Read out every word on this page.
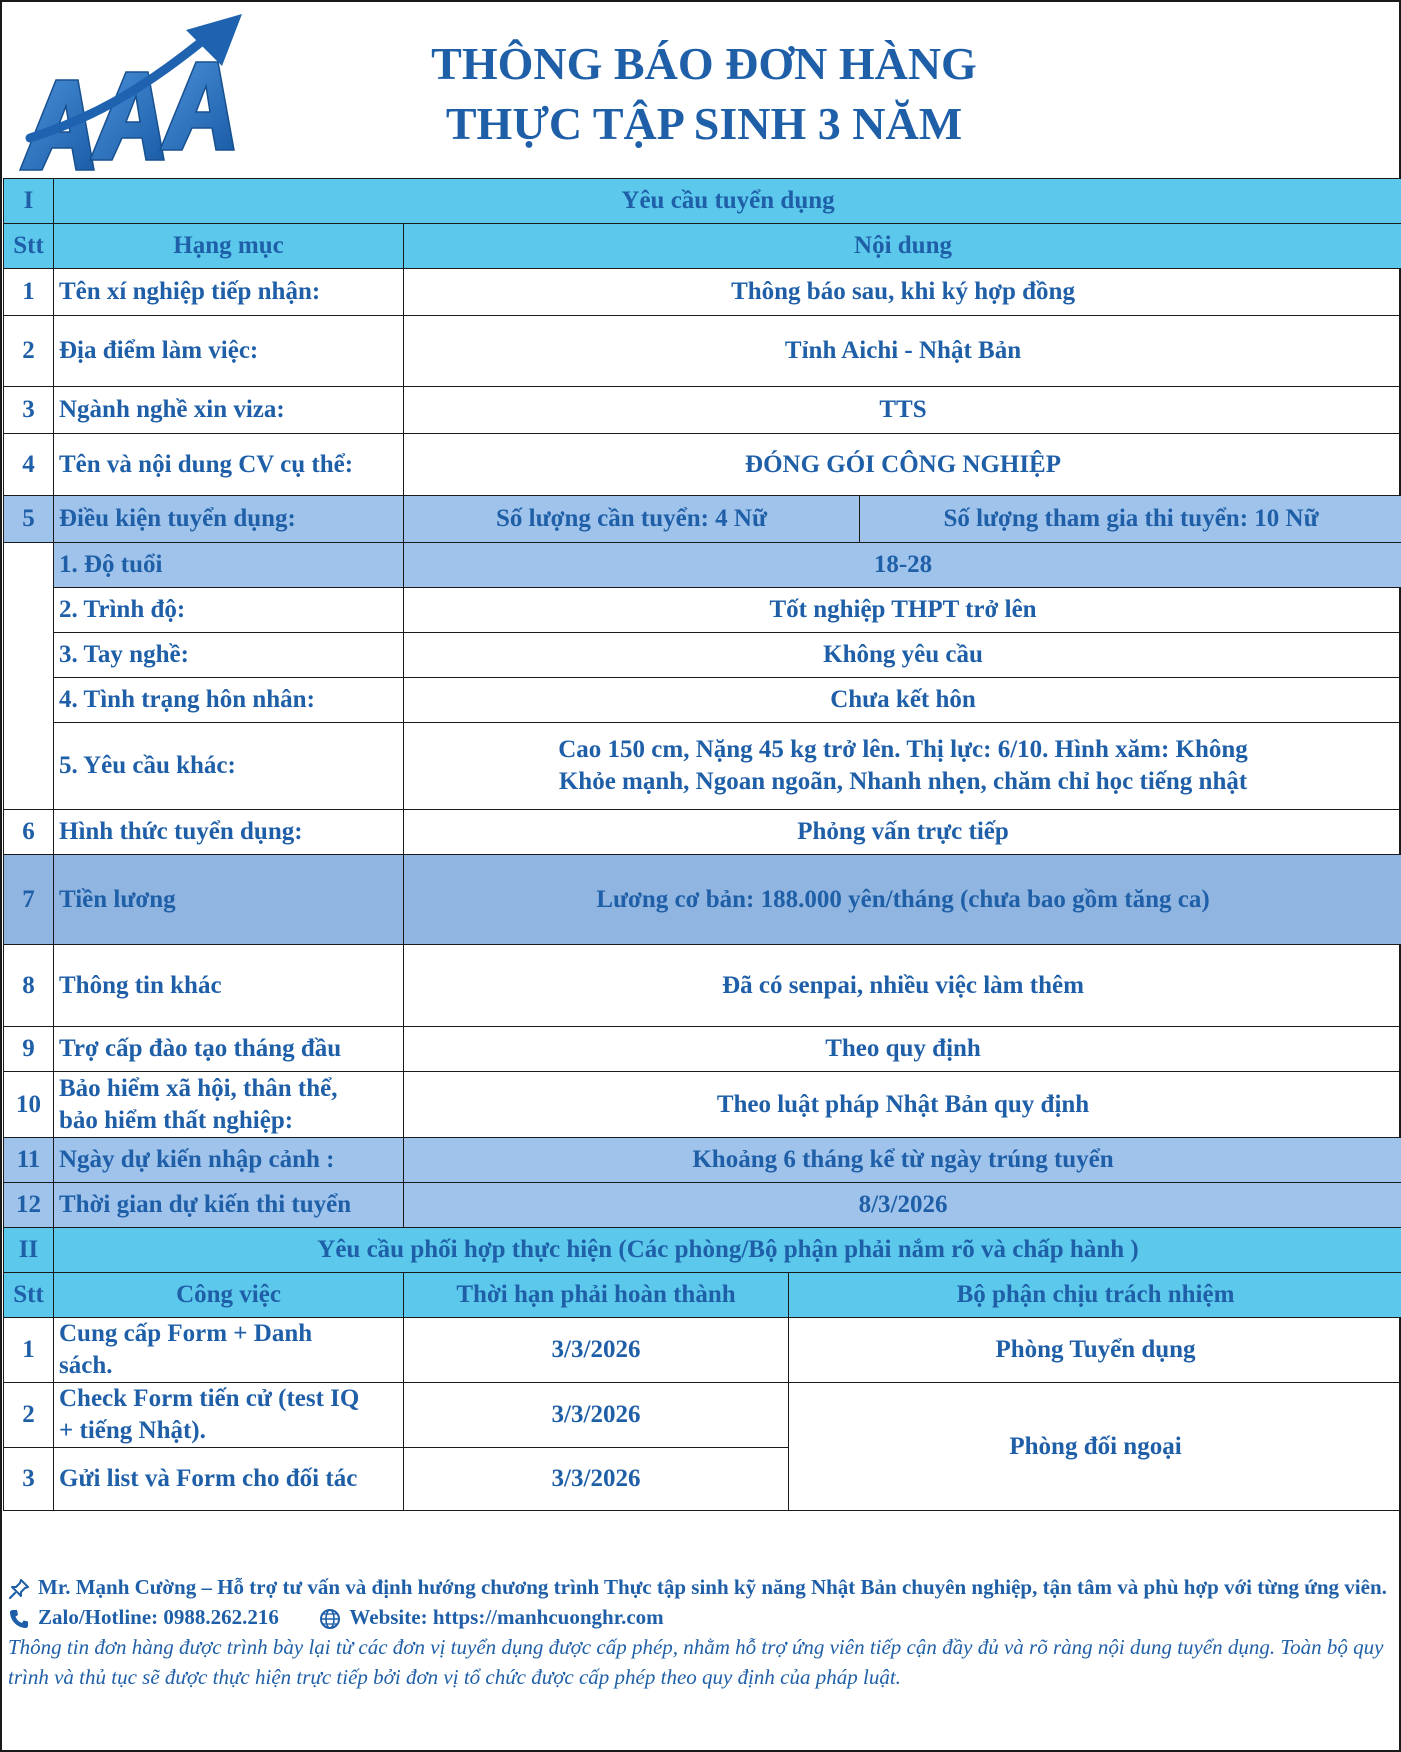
THÔNG BÁO ĐƠN HÀNG
THỰC TẬP SINH 3 NĂM
I	Yêu cầu tuyển dụng		
Stt	Hạng mục	Nội dung	
1	Tên xí nghiệp tiếp nhận:	Thông báo sau, khi ký hợp đồng	
2	Địa điểm làm việc:	Tỉnh Aichi - Nhật Bản	
3	Ngành nghề xin viza:	TTS	
4	Tên và nội dung CV cụ thể:	ĐÓNG GÓI CÔNG NGHIỆP	
5	Điều kiện tuyển dụng:	Số lượng cần tuyển: 4 Nữ	Số lượng tham gia thi tuyển: 10 Nữ
	1. Độ tuổi	18-28	
	2. Trình độ:	Tốt nghiệp THPT trở lên	
	3. Tay nghề:	Không yêu cầu	
	4. Tình trạng hôn nhân:	Chưa kết hôn	
	5. Yêu cầu khác:	Cao 150 cm, Nặng 45 kg trở lên. Thị lực: 6/10. Hình xăm: Không
Khỏe mạnh, Ngoan ngoãn, Nhanh nhẹn, chăm chỉ học tiếng nhật	

6	Hình thức tuyển dụng:	Phỏng vấn trực tiếp	
7	Tiền lương	Lương cơ bản: 188.000 yên/tháng (chưa bao gồm tăng ca)	
8	Thông tin khác	Đã có senpai, nhiều việc làm thêm	
9	Trợ cấp đào tạo tháng đầu	Theo quy định	
10	Bảo hiểm xã hội, thân thể,
bảo hiểm thất nghiệp:	Theo luật pháp Nhật Bản quy định	
11	Ngày dự kiến nhập cảnh :	Khoảng 6 tháng kể từ ngày trúng tuyển	
12	Thời gian dự kiến thi tuyển	8/3/2026	
II	Yêu cầu phối hợp thực hiện (Các phòng/Bộ phận phải nắm rõ và chấp hành )		
Stt	Công việc	Thời hạn phải hoàn thành	Bộ phận chịu trách nhiệm
1	Cung cấp Form + Danh
sách.	3/3/2026	Phòng Tuyển dụng
2	Check Form tiến cử (test IQ
+ tiếng Nhật).	3/3/2026	Phòng đối ngoại
3	Gửi list và Form cho đối tác	3/3/2026	
Mr. Mạnh Cường – Hỗ trợ tư vấn và định hướng chương trình Thực tập sinh kỹ năng Nhật Bản chuyên nghiệp, tận tâm và phù hợp với từng ứng viên.
Zalo/Hotline: 0988.262.216	Website: https://manhcuonghr.com
Thông tin đơn hàng được trình bày lại từ các đơn vị tuyển dụng được cấp phép, nhằm hỗ trợ ứng viên tiếp cận đầy đủ và rõ ràng nội dung tuyển dụng. Toàn bộ quy trình và thủ tục sẽ được thực hiện trực tiếp bởi đơn vị tổ chức được cấp phép theo quy định của pháp luật.
